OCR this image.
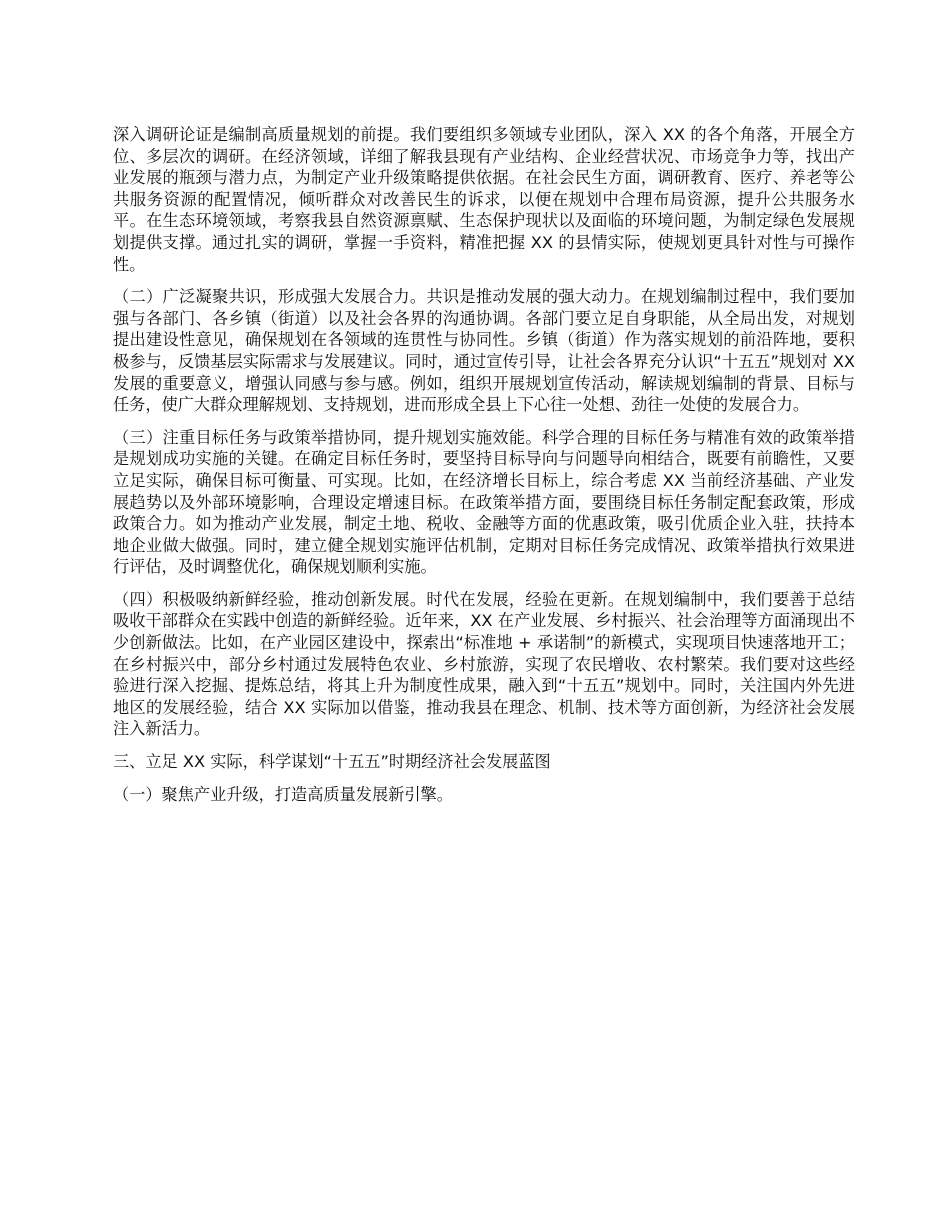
深入调研论证是编制高质量规划的前提。我们要组织多领域专业团队，深入 XX 的各个角落，开展全方位、多层次的调研。在经济领域，详细了解我县现有产业结构、企业经营状况、市场竞争力等，找出产业发展的瓶颈与潜力点，为制定产业升级策略提供依据。在社会民生方面，调研教育、医疗、养老等公共服务资源的配置情况，倾听群众对改善民生的诉求，以便在规划中合理布局资源，提升公共服务水平。在生态环境领域，考察我县自然资源禀赋、生态保护现状以及面临的环境问题，为制定绿色发展规划提供支撑。通过扎实的调研，掌握一手资料，精准把握 XX 的县情实际，使规划更具针对性与可操作性。

（二）广泛凝聚共识，形成强大发展合力。共识是推动发展的强大动力。在规划编制过程中，我们要加强与各部门、各乡镇（街道）以及社会各界的沟通协调。各部门要立足自身职能，从全局出发，对规划提出建设性意见，确保规划在各领域的连贯性与协同性。乡镇（街道）作为落实规划的前沿阵地，要积极参与，反馈基层实际需求与发展建议。同时，通过宣传引导，让社会各界充分认识“十五五”规划对 XX 发展的重要意义，增强认同感与参与感。例如，组织开展规划宣传活动，解读规划编制的背景、目标与任务，使广大群众理解规划、支持规划，进而形成全县上下心往一处想、劲往一处使的发展合力。

（三）注重目标任务与政策举措协同，提升规划实施效能。科学合理的目标任务与精准有效的政策举措是规划成功实施的关键。在确定目标任务时，要坚持目标导向与问题导向相结合，既要有前瞻性，又要立足实际，确保目标可衡量、可实现。比如，在经济增长目标上，综合考虑 XX 当前经济基础、产业发展趋势以及外部环境影响，合理设定增速目标。在政策举措方面，要围绕目标任务制定配套政策，形成政策合力。如为推动产业发展，制定土地、税收、金融等方面的优惠政策，吸引优质企业入驻，扶持本地企业做大做强。同时，建立健全规划实施评估机制，定期对目标任务完成情况、政策举措执行效果进行评估，及时调整优化，确保规划顺利实施。

（四）积极吸纳新鲜经验，推动创新发展。时代在发展，经验在更新。在规划编制中，我们要善于总结吸收干部群众在实践中创造的新鲜经验。近年来，XX 在产业发展、乡村振兴、社会治理等方面涌现出不少创新做法。比如，在产业园区建设中，探索出“标准地 + 承诺制”的新模式，实现项目快速落地开工；在乡村振兴中，部分乡村通过发展特色农业、乡村旅游，实现了农民增收、农村繁荣。我们要对这些经验进行深入挖掘、提炼总结，将其上升为制度性成果，融入到“十五五”规划中。同时，关注国内外先进地区的发展经验，结合 XX 实际加以借鉴，推动我县在理念、机制、技术等方面创新，为经济社会发展注入新活力。

三、立足 XX 实际，科学谋划“十五五”时期经济社会发展蓝图

（一）聚焦产业升级，打造高质量发展新引擎。
